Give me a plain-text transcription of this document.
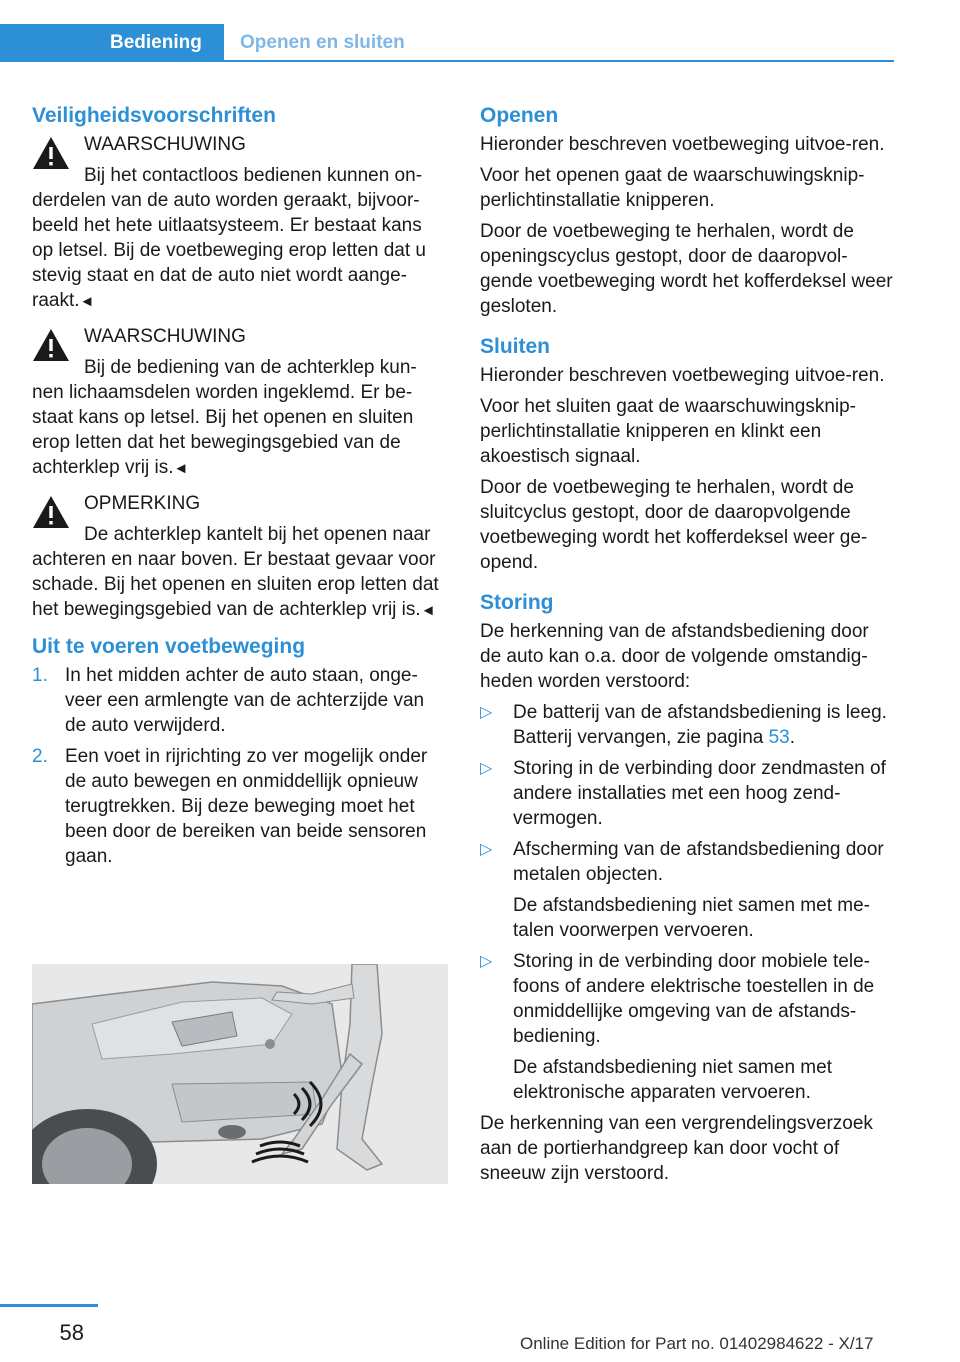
Bediening	Openen en sluiten
Veiligheidsvoorschriften

WAARSCHUWING

Bij het contactloos bedienen kunnen on-

derdelen van de auto worden geraakt, bijvoor-beeld het hete uitlaatsysteem. Er bestaat kans op letsel. Bij de voetbeweging erop letten dat u stevig staat en dat de auto niet wordt aange-raakt.◄

WAARSCHUWING

Bij de bediening van de achterklep kun-

nen lichaamsdelen worden ingeklemd. Er be-staat kans op letsel. Bij het openen en sluiten erop letten dat het bewegingsgebied van de achterklep vrij is.◄

OPMERKING

De achterklep kantelt bij het openen naar

achteren en naar boven. Er bestaat gevaar voor schade. Bij het openen en sluiten erop letten dat het bewegingsgebied van de achterklep vrij is.◄

Uit te voeren voetbeweging
1. In het midden achter de auto staan, onge-veer een armlengte van de achterzijde van de auto verwijderd.
2. Een voet in rijrichting zo ver mogelijk onder de auto bewegen en onmiddellijk opnieuw terugtrekken. Bij deze beweging moet het been door de bereiken van beide sensoren gaan.
Openen

Hieronder beschreven voetbeweging uitvoe-ren.

Voor het openen gaat de waarschuwingsknip-perlichtinstallatie knipperen.

Door de voetbeweging te herhalen, wordt de openingscyclus gestopt, door de daaropvol-gende voetbeweging wordt het kofferdeksel weer gesloten.

Sluiten

Hieronder beschreven voetbeweging uitvoe-ren.

Voor het sluiten gaat de waarschuwingsknip-perlichtinstallatie knipperen en klinkt een akoestisch signaal.

Door de voetbeweging te herhalen, wordt de sluitcyclus gestopt, door de daaropvolgende voetbeweging wordt het kofferdeksel weer ge-opend.

Storing

De herkenning van de afstandsbediening door de auto kan o.a. door de volgende omstandig-heden worden verstoord:

▷ De batterij van de afstandsbediening is leeg. Batterij vervangen, zie pagina 53.
▷ Storing in de verbinding door zendmasten of andere installaties met een hoog zend-vermogen.
▷ Afscherming van de afstandsbediening door metalen objecten.

De afstandsbediening niet samen met me-talen voorwerpen vervoeren.

▷ Storing in de verbinding door mobiele tele-foons of andere elektrische toestellen in de onmiddellijke omgeving van de afstands-bediening.

De afstandsbediening niet samen met elektronische apparaten vervoeren.

De herkenning van een vergrendelingsverzoek aan de portierhandgreep kan door vocht of sneeuw zijn verstoord.

58	Online Edition for Part no. 01402984622 - X/17
